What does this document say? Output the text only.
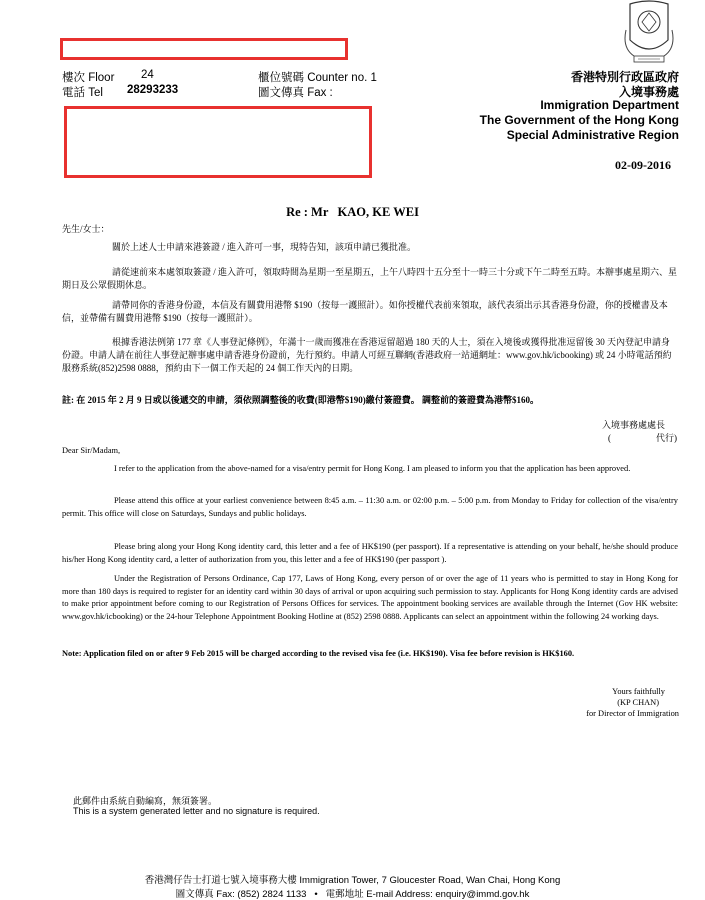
樓次 Floor 24
電話 Tel 28293233
櫃位號碼 Counter no. 1
圖文傳真 Fax :
香港特別行政區政府
入境事務處
Immigration Department
The Government of the Hong Kong
Special Administrative Region
02-09-2016
Re : Mr   KAO, KE WEI
先生/女士：
關於上述人士申請來港簽證 / 進入許可一事，現特告知，該項申請已獲批准。
請從速前來本處領取簽證 / 進入許可，領取時間為星期一至星期五，上午八時四十五分至十一時三十分或下午二時至五時。本辦事處星期六、星期日及公眾假期休息。
請帶同你的香港身份證，本信及有關費用港幣 $190（按每一護照計）。如你授權代表前來領取，該代表須出示其香港身份證，你的授權書及本信，並帶備有關費用港幣 $190（按每一護照計）。
根據香港法例第 177 章《人事登記條例》，年滿十一歲而獲准在香港逗留超過 180 天的人士，須在入境後或獲得批准逗留後 30 天內登記申請身份證。申請人請在前往人事登記辦事處申請香港身份證前，先行預約。申請人可經互聯網(香港政府一站通網址：www.gov.hk/icbooking) 或 24 小時電話預約服務系統(852)2598 0888，預約由下一個工作天起的 24 個工作天內的日期。
註: 在 2015 年 2 月 9 日或以後遞交的申請，須依照調整後的收費(即港幣$190)繳付簽證費。 調整前的簽證費為港幣$160。
入境事務處處長
(                    代行)
Dear Sir/Madam,
I refer to the application from the above-named for a visa/entry permit for Hong Kong. I am pleased to inform you that the application has been approved.
Please attend this office at your earliest convenience between 8:45 a.m. – 11:30 a.m. or 02:00 p.m. – 5:00 p.m. from Monday to Friday for collection of the visa/entry permit. This office will close on Saturdays, Sundays and public holidays.
Please bring along your Hong Kong identity card, this letter and a fee of HK$190 (per passport). If a representative is attending on your behalf, he/she should produce his/her Hong Kong identity card, a letter of authorization from you, this letter and a fee of HK$190 (per passport ).
Under the Registration of Persons Ordinance, Cap 177, Laws of Hong Kong, every person of or over the age of 11 years who is permitted to stay in Hong Kong for more than 180 days is required to register for an identity card within 30 days of arrival or upon acquiring such permission to stay. Applicants for Hong Kong identity cards are advised to make prior appointment before coming to our Registration of Persons Offices for services. The appointment booking services are available through the Internet (Gov HK website: www.gov.hk/icbooking) or the 24-hour Telephone Appointment Booking Hotline at (852) 2598 0888. Applicants can select an appointment within the following 24 working days.
Note: Application filed on or after 9 Feb 2015 will be charged according to the revised visa fee (i.e. HK$190). Visa fee before revision is HK$160.
Yours faithfully
(KP CHAN)
for Director of Immigration
此郵件由系統自動編寫，無須簽署。
This is a system generated letter and no signature is required.
香港灣仔告士打道七號入境事務大樓 Immigration Tower, 7 Gloucester Road, Wan Chai, Hong Kong
圖文傳真 Fax: (852) 2824 1133   •   電郵地址 E-mail Address: enquiry@immd.gov.hk
